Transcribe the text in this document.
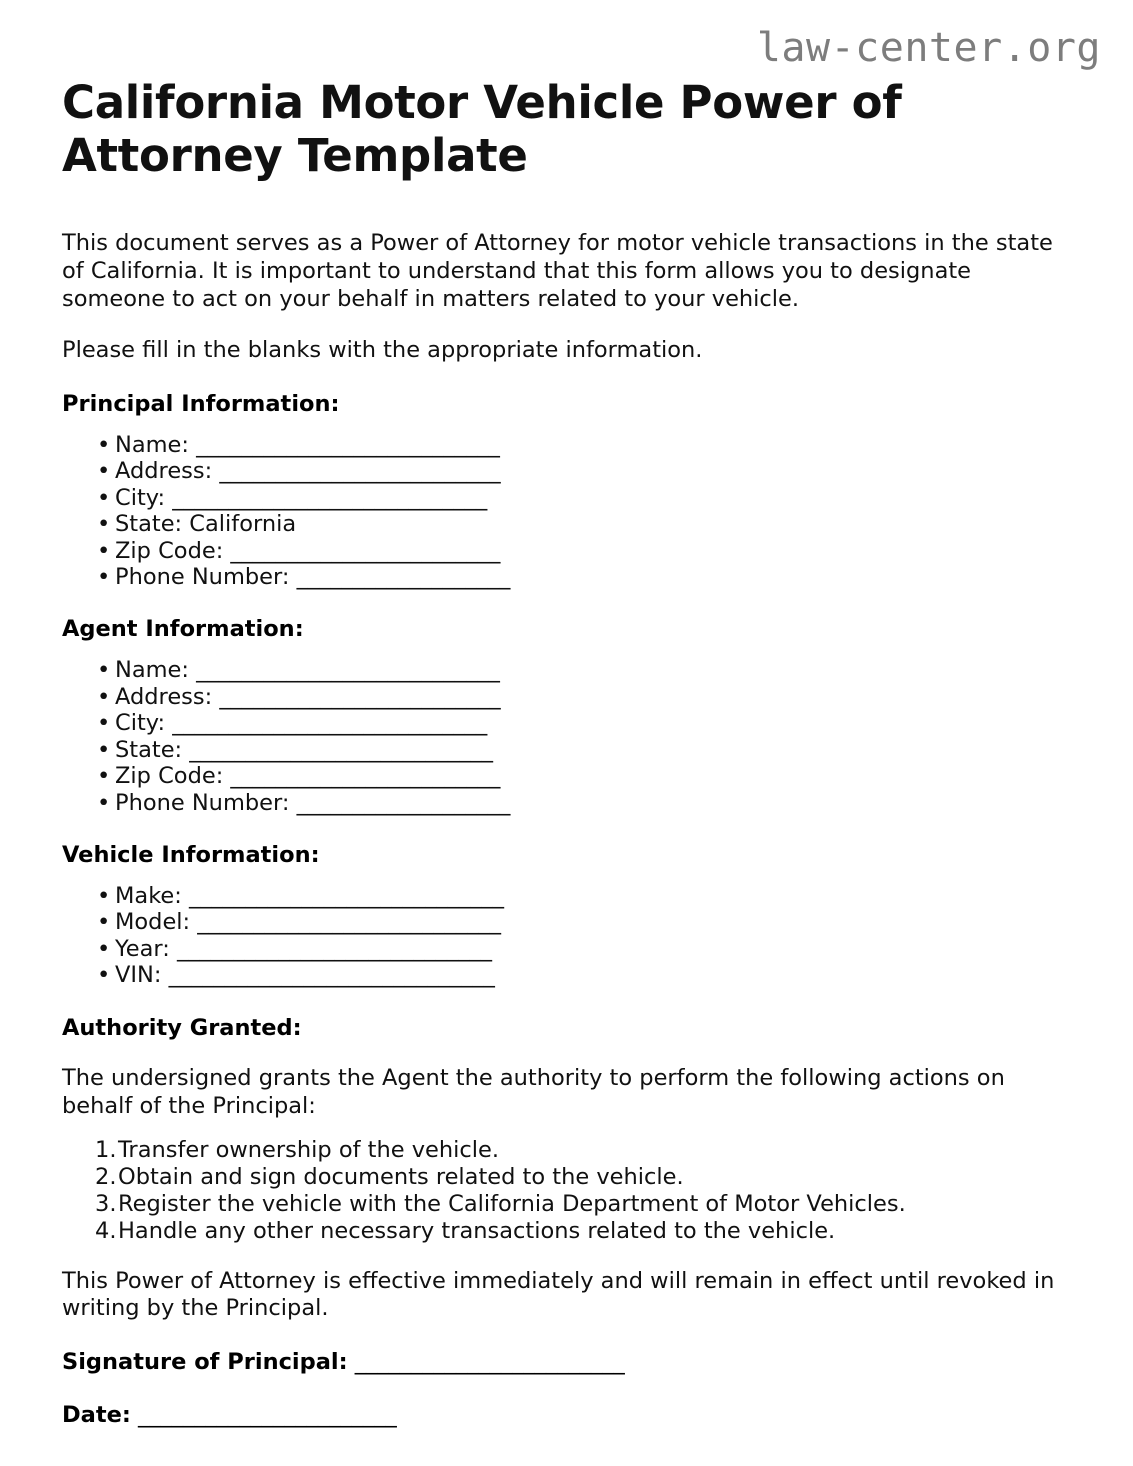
law-center.org
California Motor Vehicle Power of Attorney Template

This document serves as a Power of Attorney for motor vehicle transactions in the state of California. It is important to understand that this form allows you to designate someone to act on your behalf in matters related to your vehicle.

Please fill in the blanks with the appropriate information.

Principal Information:
• Name: ___________________________
• Address: _________________________
• City: ____________________________
• State: California
• Zip Code: ________________________
• Phone Number: ___________________
Agent Information:
• Name: ___________________________
• Address: _________________________
• City: ____________________________
• State: ___________________________
• Zip Code: ________________________
• Phone Number: ___________________
Vehicle Information:
• Make: ____________________________
• Model: ___________________________
• Year: ____________________________
• VIN: _____________________________
Authority Granted:

The undersigned grants the Agent the authority to perform the following actions on behalf of the Principal:

Transfer ownership of the vehicle.
Obtain and sign documents related to the vehicle.
Register the vehicle with the California Department of Motor Vehicles.
Handle any other necessary transactions related to the vehicle.

This Power of Attorney is effective immediately and will remain in effect until revoked in writing by the Principal.

Signature of Principal: ________________________

Date: _______________________
